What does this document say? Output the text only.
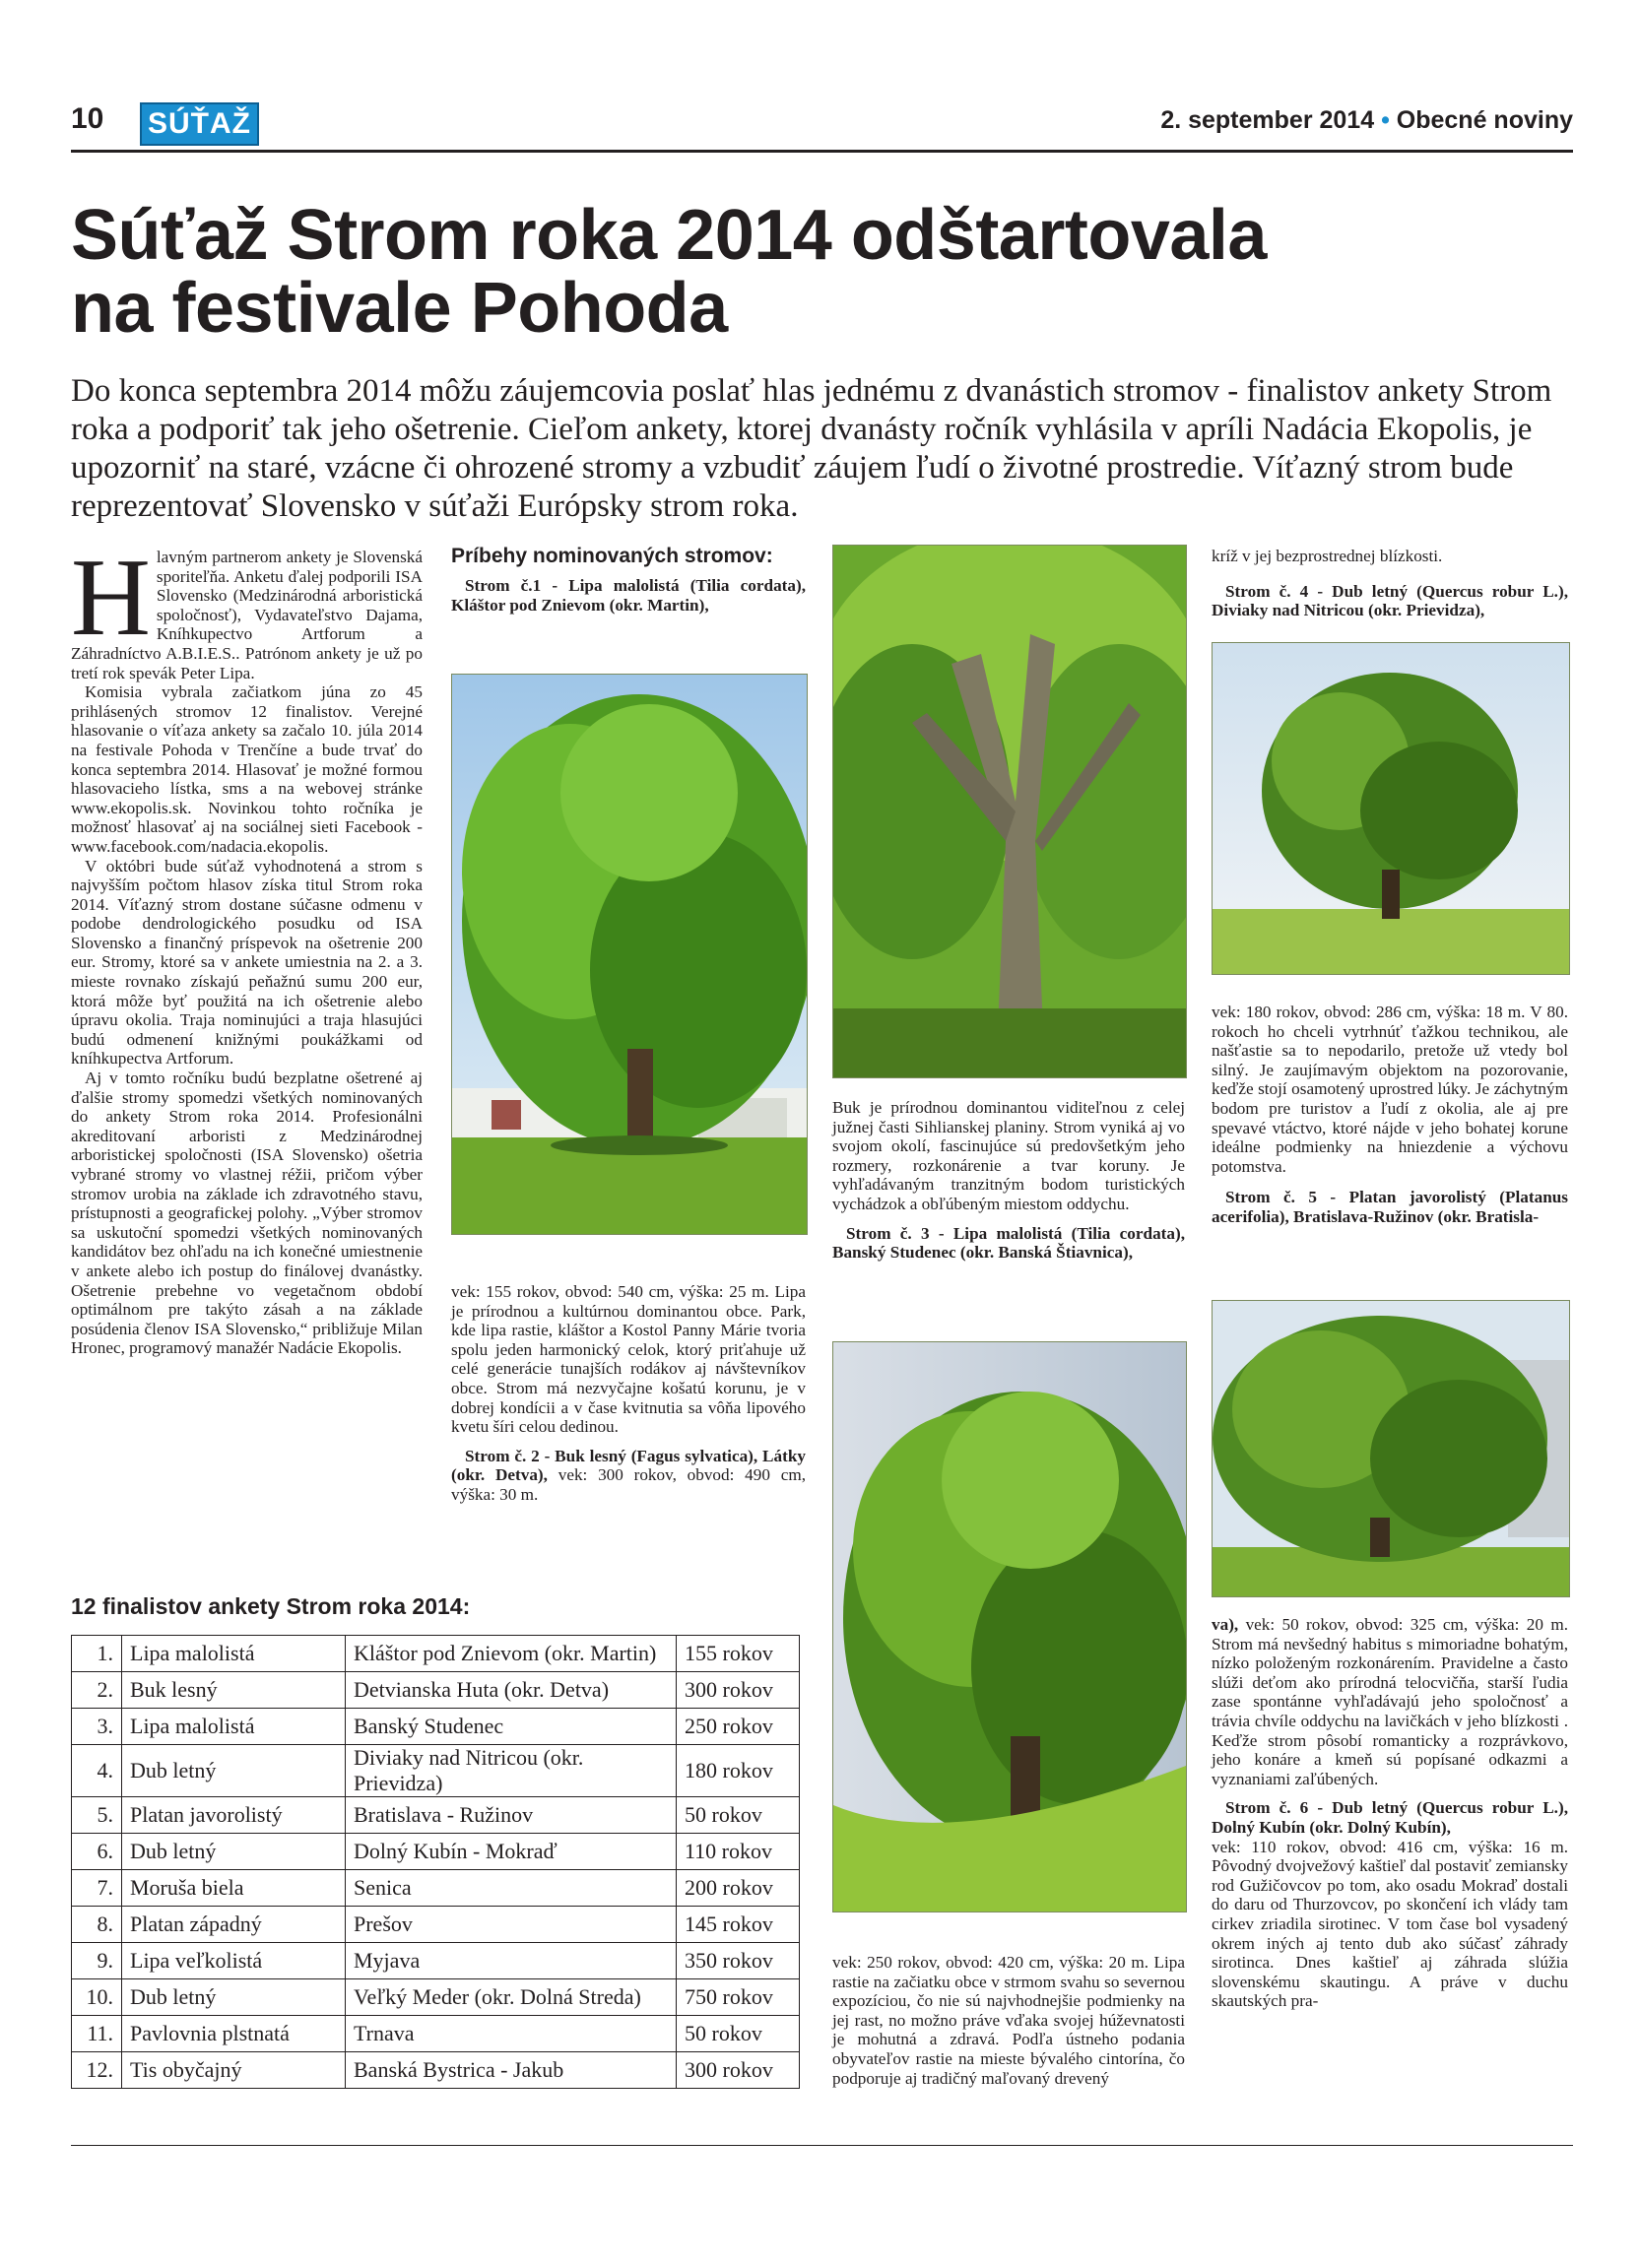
10 SÚŤAŽ	2. september 2014 • Obecné noviny
Súťaž Strom roka 2014 odštartovala
na festivale Pohoda
Do konca septembra 2014 môžu záujemcovia poslať hlas jednému z dvanástich stromov - finalistov ankety Strom roka a podporiť tak jeho ošetrenie. Cieľom ankety, ktorej dvanásty ročník vyhlásila v apríli Nadácia Ekopolis, je upozorniť na staré, vzácne či ohrozené stromy a vzbudiť záujem ľudí o životné prostredie. Víťazný strom bude reprezentovať Slovensko v súťaži Európsky strom roka.

Hlavným partnerom ankety je Slovenská sporiteľňa. Anketu ďalej podporili ISA Slovensko (Medzinárodná arboristická spoločnosť), Vydavateľstvo Dajama, Kníhkupectvo Artforum a Záhradníctvo A.B.I.E.S.. Patrónom ankety je už po tretí rok spevák Peter Lipa.

Komisia vybrala začiatkom júna zo 45 prihlásených stromov 12 finalistov. Verejné hlasovanie o víťaza ankety sa začalo 10. júla 2014 na festivale Pohoda v Trenčíne a bude trvať do konca septembra 2014. Hlasovať je možné formou hlasovacieho lístka, sms a na webovej stránke www.ekopolis.sk. Novinkou tohto ročníka je možnosť hlasovať aj na sociálnej sieti Facebook - www.facebook.com/nadacia.ekopolis.

V októbri bude súťaž vyhodnotená a strom s najvyšším počtom hlasov získa titul Strom roka 2014. Víťazný strom dostane súčasne odmenu v podobe dendrologického posudku od ISA Slovensko a finančný príspevok na ošetrenie 200 eur. Stromy, ktoré sa v ankete umiestnia na 2. a 3. mieste rovnako získajú peňažnú sumu 200 eur, ktorá môže byť použitá na ich ošetrenie alebo úpravu okolia. Traja nominujúci a traja hlasujúci budú odmenení knižnými poukážkami od kníhkupectva Artforum.

Aj v tomto ročníku budú bezplatne ošetrené aj ďalšie stromy spomedzi všetkých nominovaných do ankety Strom roka 2014. Profesionálni akreditovaní arboristi z Medzinárodnej arboristickej spoločnosti (ISA Slovensko) ošetria vybrané stromy vo vlastnej réžii, pričom výber stromov urobia na základe ich zdravotného stavu, prístupnosti a geografickej polohy. „Výber stromov sa uskutoční spomedzi všetkých nominovaných kandidátov bez ohľadu na ich konečné umiestnenie v ankete alebo ich postup do finálovej dvanástky. Ošetrenie prebehne vo vegetačnom období optimálnom pre takýto zásah a na základe posúdenia členov ISA Slovensko,“ približuje Milan Hronec, programový manažér Nadácie Ekopolis.

Príbehy nominovaných stromov:

Strom č.1 - Lipa malolistá (Tilia cordata), Kláštor pod Znievom (okr. Martin),

vek: 155 rokov, obvod: 540 cm, výška: 25 m. Lipa je prírodnou a kultúrnou dominantou obce. Park, kde lipa rastie, kláštor a Kostol Panny Márie tvoria spolu jeden harmonický celok, ktorý priťahuje už celé generácie tunajších rodákov aj návštevníkov obce. Strom má nezvyčajne košatú korunu, je v dobrej kondícii a v čase kvitnutia sa vôňa lipového kvetu šíri celou dedinou.

Strom č. 2 - Buk lesný (Fagus sylvatica), Látky (okr. Detva), vek: 300 rokov, obvod: 490 cm, výška: 30 m.

Buk je prírodnou dominantou viditeľnou z celej južnej časti Sihlianskej planiny. Strom vyniká aj vo svojom okolí, fascinujúce sú predovšetkým jeho rozmery, rozkonárenie a tvar koruny. Je vyhľadávaným tranzitným bodom turistických vychádzok a obľúbeným miestom oddychu.

Strom č. 3 - Lipa malolistá (Tilia cordata), Banský Studenec (okr. Banská Štiavnica),

vek: 250 rokov, obvod: 420 cm, výška: 20 m. Lipa rastie na začiatku obce v strmom svahu so severnou expozíciou, čo nie sú najvhodnejšie podmienky na jej rast, no možno práve vďaka svojej húževnatosti je mohutná a zdravá. Podľa ústneho podania obyvateľov rastie na mieste bývalého cintorína, čo podporuje aj tradičný maľovaný drevený

kríž v jej bezprostrednej blízkosti.

Strom č. 4 - Dub letný (Quercus robur L.), Diviaky nad Nitricou (okr. Prievidza),

vek: 180 rokov, obvod: 286 cm, výška: 18 m. V 80. rokoch ho chceli vytrhnúť ťažkou technikou, ale našťastie sa to nepodarilo, pretože už vtedy bol silný. Je zaujímavým objektom na pozorovanie, keďže stojí osamotený uprostred lúky. Je záchytným bodom pre turistov a ľudí z okolia, ale aj pre spevavé vtáctvo, ktoré nájde v jeho bohatej korune ideálne podmienky na hniezdenie a výchovu potomstva.

Strom č. 5 - Platan javorolistý (Platanus acerifolia), Bratislava-Ružinov (okr. Bratisla-

va), vek: 50 rokov, obvod: 325 cm, výška: 20 m. Strom má nevšedný habitus s mimoriadne bohatým, nízko položeným rozkonárením. Pravidelne a často slúži deťom ako prírodná telocvičňa, starší ľudia zase spontánne vyhľadávajú jeho spoločnosť a trávia chvíle oddychu na lavičkách v jeho blízkosti . Keďže strom pôsobí romanticky a rozprávkovo, jeho konáre a kmeň sú popísané odkazmi a vyznaniami zaľúbených.

Strom č. 6 - Dub letný (Quercus robur L.), Dolný Kubín (okr. Dolný Kubín),

vek: 110 rokov, obvod: 416 cm, výška: 16 m. Pôvodný dvojvežový kaštieľ dal postaviť zemiansky rod Gužičovcov po tom, ako osadu Mokraď dostali do daru od Thurzovcov, po skončení ich vlády tam cirkev zriadila sirotinec. V tom čase bol vysadený okrem iných aj tento dub ako súčasť záhrady sirotinca. Dnes kaštieľ aj záhrada slúžia slovenskému skautingu. A práve v duchu skautských pra-

12 finalistov ankety Strom roka 2014:
1.	Lipa malolistá	Kláštor pod Znievom (okr. Martin)	155 rokov
2.	Buk lesný	Detvianska Huta (okr. Detva)	300 rokov
3.	Lipa malolistá	Banský Studenec	250 rokov
4.	Dub letný	Diviaky nad Nitricou (okr. Prievidza)	180 rokov
5.	Platan javorolistý	Bratislava - Ružinov	50 rokov
6.	Dub letný	Dolný Kubín - Mokraď	110 rokov
7.	Moruša biela	Senica	200 rokov
8.	Platan západný	Prešov	145 rokov
9.	Lipa veľkolistá	Myjava	350 rokov
10.	Dub letný	Veľký Meder (okr. Dolná Streda)	750 rokov
11.	Pavlovnia plstnatá	Trnava	50 rokov
12.	Tis obyčajný	Banská Bystrica - Jakub	300 rokov
